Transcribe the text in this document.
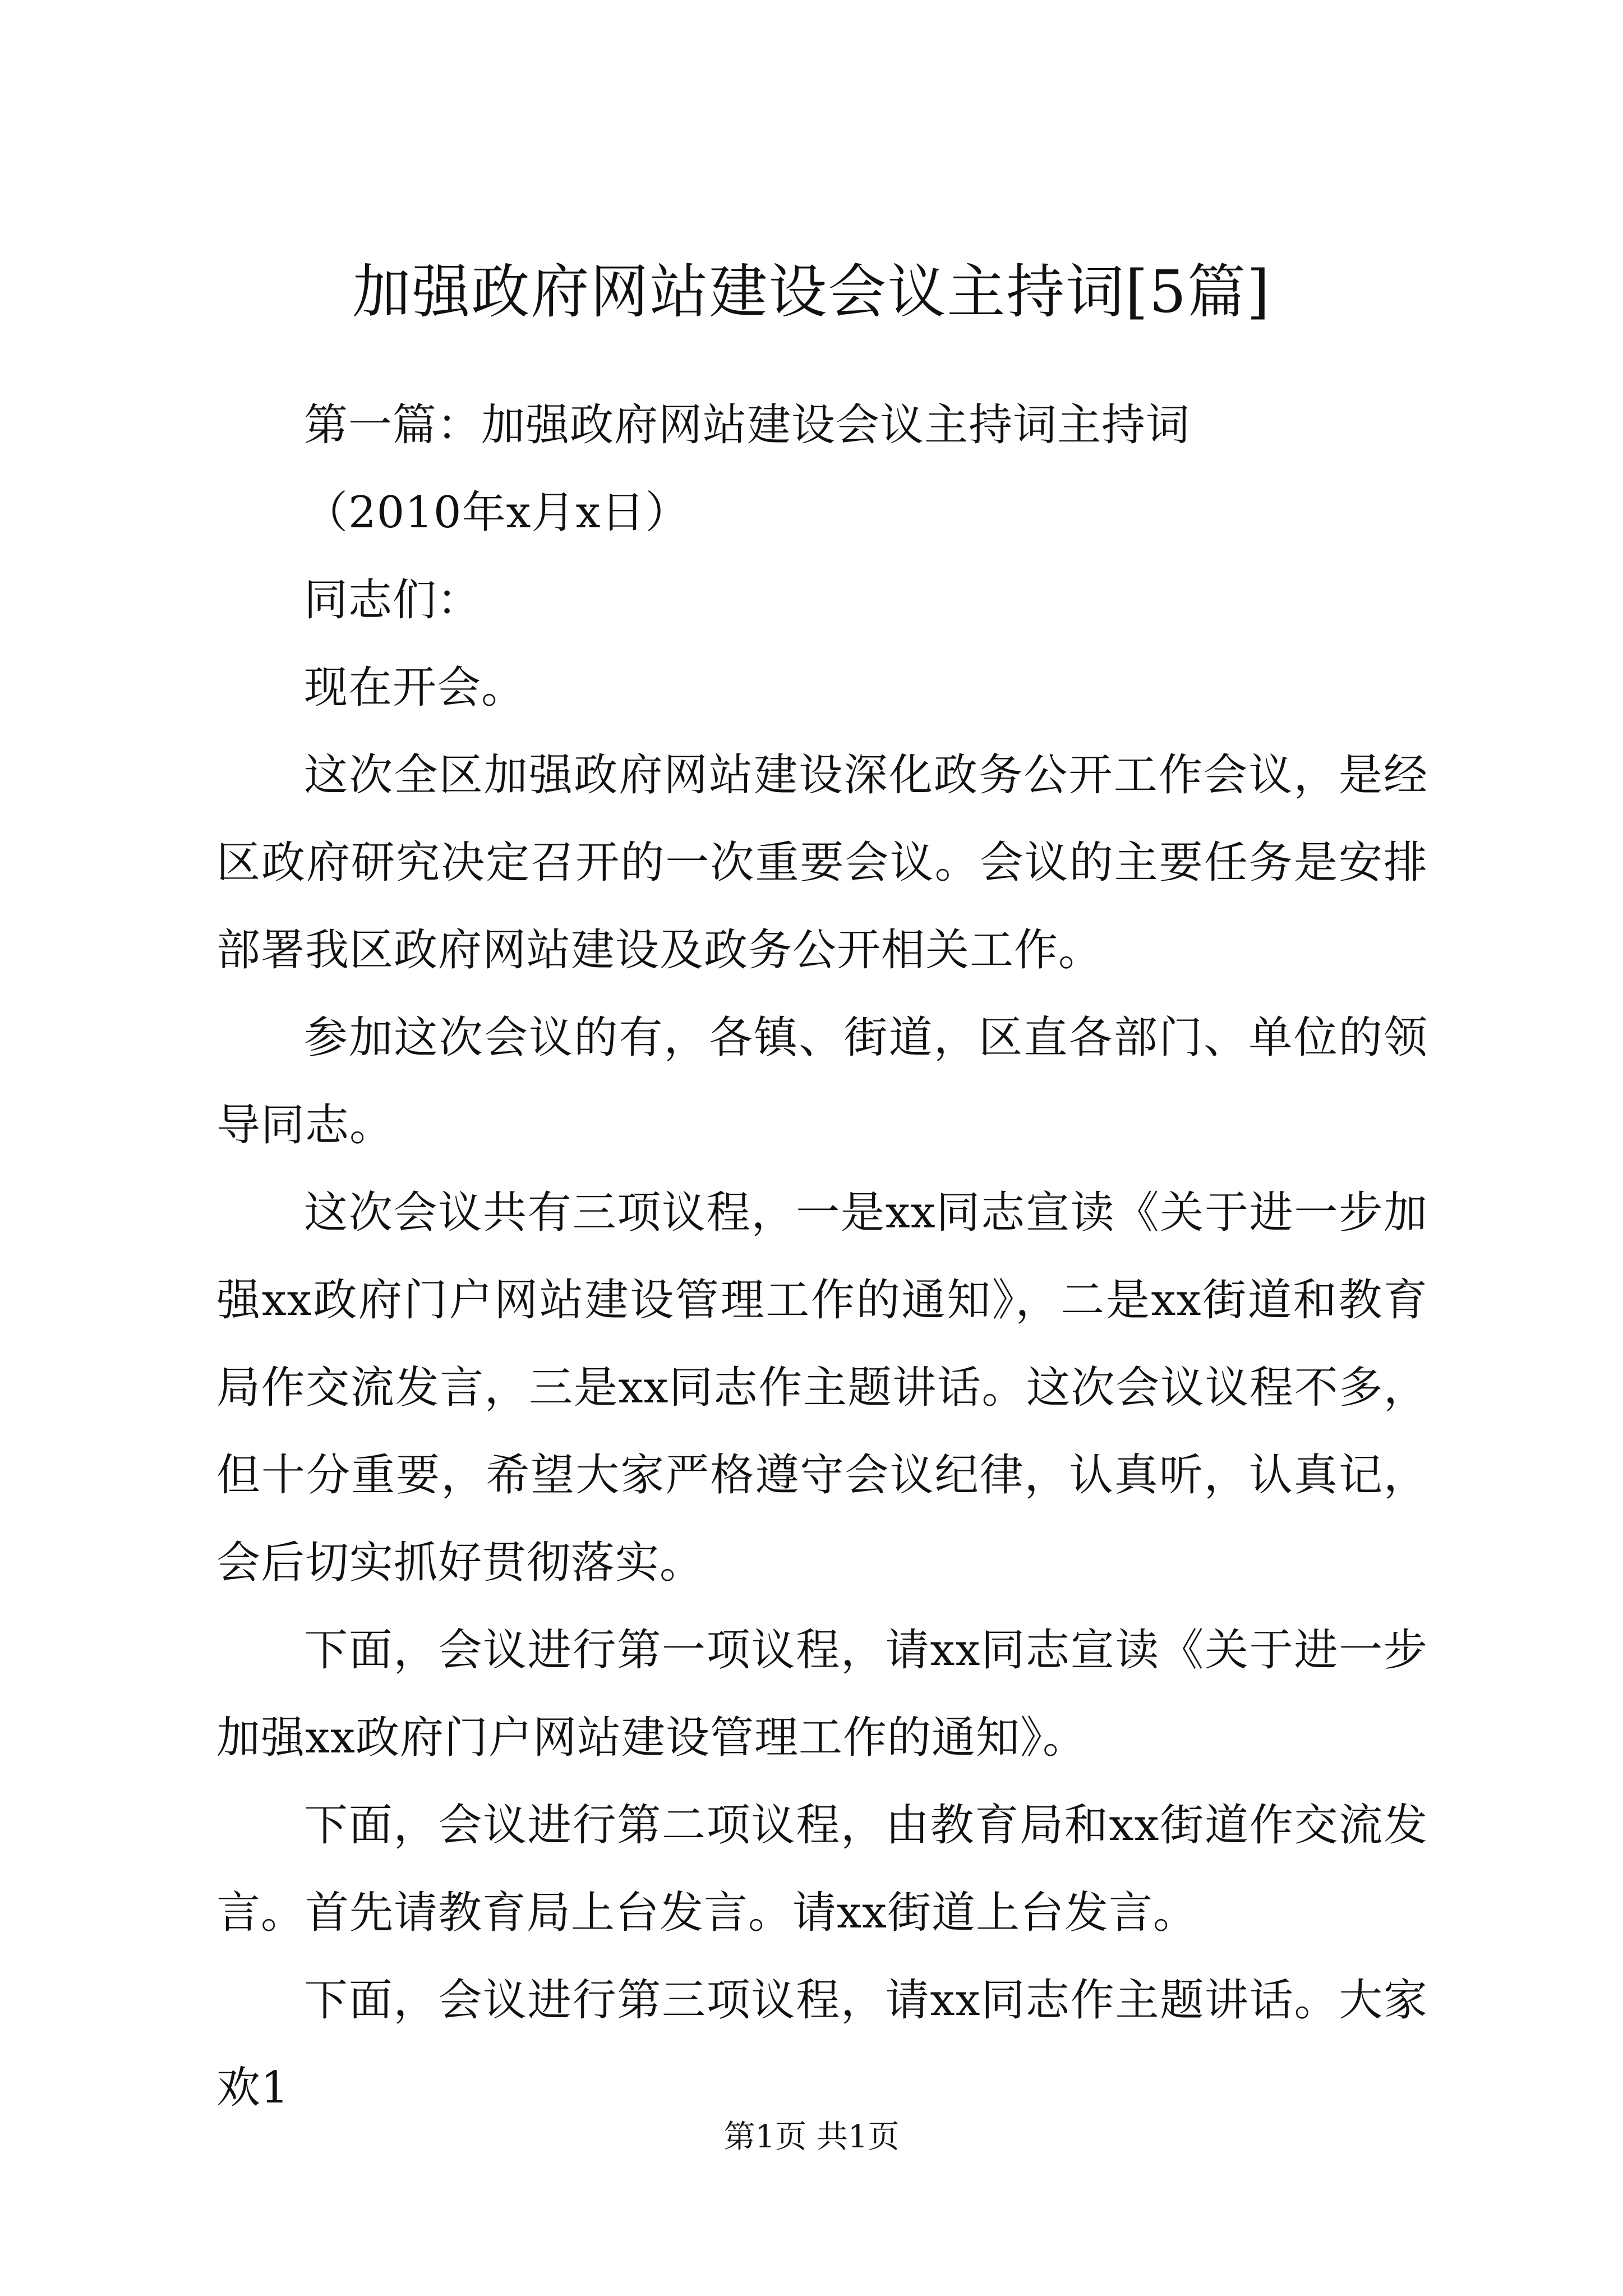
加强政府网站建设会议主持词[5篇]

第一篇：加强政府网站建设会议主持词主持词

（2010年x月x日）

同志们：

现在开会。

这次全区加强政府网站建设深化政务公开工作会议，是经区政府研究决定召开的一次重要会议。会议的主要任务是安排部署我区政府网站建设及政务公开相关工作。

参加这次会议的有，各镇、街道，区直各部门、单位的领导同志。

这次会议共有三项议程，一是xx同志宣读《关于进一步加强xx政府门户网站建设管理工作的通知》，二是xx街道和教育局作交流发言，三是xx同志作主题讲话。这次会议议程不多，但十分重要，希望大家严格遵守会议纪律，认真听，认真记，会后切实抓好贯彻落实。

下面，会议进行第一项议程，请xx同志宣读《关于进一步加强xx政府门户网站建设管理工作的通知》。

下面，会议进行第二项议程，由教育局和xx街道作交流发言。首先请教育局上台发言。请xx街道上台发言。

下面，会议进行第三项议程，请xx同志作主题讲话。大家欢1

第1页 共1页
